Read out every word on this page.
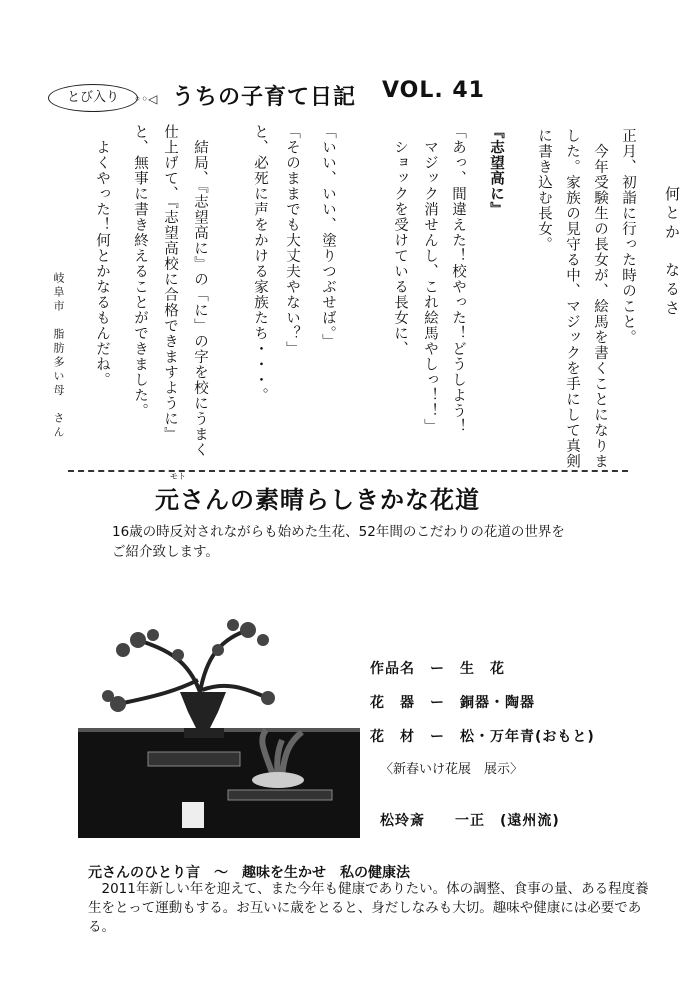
とび入り	◦◦◁ うちの子育て日記 VOL. 41
何とか　なるさ
正月、初詣に行った時のこと。
　今年受験生の長女が、絵馬を書くことになりま
した。家族の見守る中、マジックを手にして真剣
に書き込む長女。
『志望高に』
「あっ、間違えた！校やった！どうしよう！
　マジック消せんし、これ絵馬やしっ！！」
　ショックを受けている長女に、
「いい、いい、塗りつぶせば。」
「そのままでも大丈夫やない？」
と、必死に声をかける家族たち・・・。
　結局、『志望高に』の「に」の字を校にうまく
仕上げて、『志望高校に合格できますように』
と、無事に書き終えることができました。
　よくやった！何とかなるもんだね。
岐阜市　脂肪多い母　さん
モト
元さんの素晴らしきかな花道
16歳の時反対されながらも始めた生花、52年間のこだわりの花道の世界をご紹介致します。
作品名　ー　生　花
花　器　ー　銅器・陶器
花　材　ー　松・万年青(おもと)
〈新春いけ花展　展示〉
松玲斎　　一正　(遠州流)
元さんのひとり言　～　趣味を生かせ　私の健康法
2011年新しい年を迎えて、また今年も健康でありたい。体の調整、食事の量、ある程度養生をとって運動もする。お互いに歳をとると、身だしなみも大切。趣味や健康には必要である。
